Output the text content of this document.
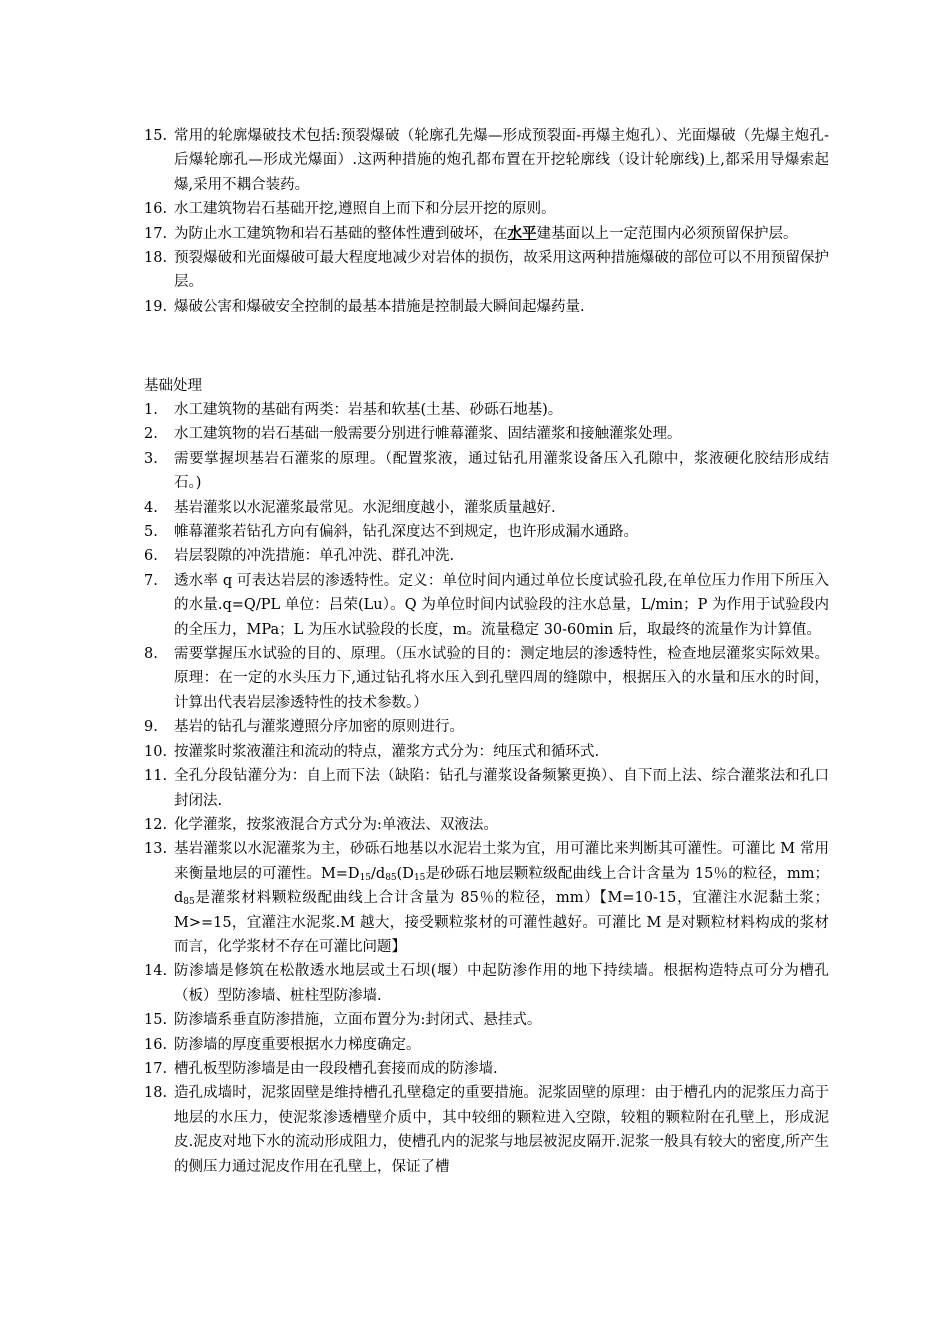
15. 常用的轮廓爆破技术包括:预裂爆破（轮廓孔先爆—形成预裂面-再爆主炮孔）、光面爆破（先爆主炮孔-后爆轮廓孔—形成光爆面）.这两种措施的炮孔都布置在开挖轮廓线（设计轮廓线)上,都采用导爆索起爆,采用不耦合装药。
16. 水工建筑物岩石基础开挖,遵照自上而下和分层开挖的原则。
17. 为防止水工建筑物和岩石基础的整体性遭到破坏，在水平建基面以上一定范围内必须预留保护层。
18. 预裂爆破和光面爆破可最大程度地减少对岩体的损伤，故采用这两种措施爆破的部位可以不用预留保护层。
19. 爆破公害和爆破安全控制的最基本措施是控制最大瞬间起爆药量.
基础处理
1. 水工建筑物的基础有两类：岩基和软基(土基、砂砾石地基)。
2. 水工建筑物的岩石基础一般需要分别进行帷幕灌浆、固结灌浆和接触灌浆处理。
3. 需要掌握坝基岩石灌浆的原理。（配置浆液，通过钻孔用灌浆设备压入孔隙中，浆液硬化胶结形成结石。)
4. 基岩灌浆以水泥灌浆最常见。水泥细度越小，灌浆质量越好.
5. 帷幕灌浆若钻孔方向有偏斜，钻孔深度达不到规定，也许形成漏水通路。
6. 岩层裂隙的冲洗措施：单孔冲洗、群孔冲洗.
7. 透水率 q 可表达岩层的渗透特性。定义：单位时间内通过单位长度试验孔段,在单位压力作用下所压入的水量.q=Q/PL 单位：吕荣(Lu）。Q 为单位时间内试验段的注水总量，L/min；P 为作用于试验段内的全压力，MPa；L 为压水试验段的长度，m。流量稳定 30-60min 后，取最终的流量作为计算值。
8. 需要掌握压水试验的目的、原理。（压水试验的目的：测定地层的渗透特性，检查地层灌浆实际效果。原理：在一定的水头压力下,通过钻孔将水压入到孔壁四周的缝隙中，根据压入的水量和压水的时间，计算出代表岩层渗透特性的技术参数。）
9. 基岩的钻孔与灌浆遵照分序加密的原则进行。
10. 按灌浆时浆液灌注和流动的特点，灌浆方式分为：纯压式和循环式.
11. 全孔分段钻灌分为：自上而下法（缺陷：钻孔与灌浆设备频繁更换）、自下而上法、综合灌浆法和孔口封闭法.
12. 化学灌浆，按浆液混合方式分为:单液法、双液法。
13. 基岩灌浆以水泥灌浆为主，砂砾石地基以水泥岩土浆为宜，用可灌比来判断其可灌性。可灌比 M 常用来衡量地层的可灌性。$M=D_{15}/d_{85}(D_{15}$是砂砾石地层颗粒级配曲线上合计含量为 15％的粒径，mm；$d_{85}$是灌浆材料颗粒级配曲线上合计含量为 85％的粒径，mm）【M=10-15，宜灌注水泥黏土浆；M>=15，宜灌注水泥浆.M 越大，接受颗粒浆材的可灌性越好。可灌比 M 是对颗粒材料构成的浆材而言，化学浆材不存在可灌比问题】
14. 防渗墙是修筑在松散透水地层或土石坝(堰）中起防渗作用的地下持续墙。根据构造特点可分为槽孔（板）型防渗墙、桩柱型防渗墙.
15. 防渗墙系垂直防渗措施，立面布置分为:封闭式、悬挂式。
16. 防渗墙的厚度重要根据水力梯度确定。
17. 槽孔板型防渗墙是由一段段槽孔套接而成的防渗墙.
18. 造孔成墙时，泥浆固壁是维持槽孔孔壁稳定的重要措施。泥浆固壁的原理：由于槽孔内的泥浆压力高于地层的水压力，使泥浆渗透槽壁介质中，其中较细的颗粒进入空隙，较粗的颗粒附在孔壁上，形成泥皮.泥皮对地下水的流动形成阻力，使槽孔内的泥浆与地层被泥皮隔开.泥浆一般具有较大的密度,所产生的侧压力通过泥皮作用在孔壁上，保证了槽
